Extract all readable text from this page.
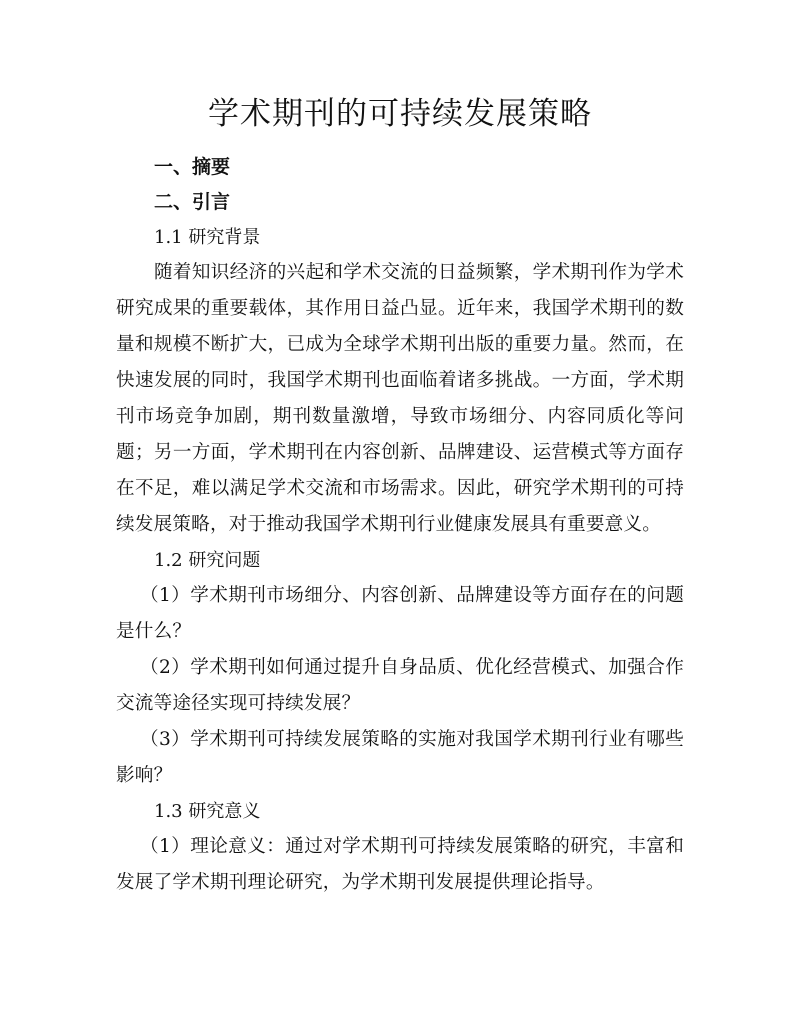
学术期刊的可持续发展策略

一、摘要

二、引言

1.1 研究背景

随着知识经济的兴起和学术交流的日益频繁，学术期刊作为学术研究成果的重要载体，其作用日益凸显。近年来，我国学术期刊的数量和规模不断扩大，已成为全球学术期刊出版的重要力量。然而，在快速发展的同时，我国学术期刊也面临着诸多挑战。一方面，学术期刊市场竞争加剧，期刊数量激增，导致市场细分、内容同质化等问题；另一方面，学术期刊在内容创新、品牌建设、运营模式等方面存在不足，难以满足学术交流和市场需求。因此，研究学术期刊的可持续发展策略，对于推动我国学术期刊行业健康发展具有重要意义。

1.2 研究问题

（1）学术期刊市场细分、内容创新、品牌建设等方面存在的问题是什么？

（2）学术期刊如何通过提升自身品质、优化经营模式、加强合作交流等途径实现可持续发展？

（3）学术期刊可持续发展策略的实施对我国学术期刊行业有哪些影响？

1.3 研究意义

（1）理论意义：通过对学术期刊可持续发展策略的研究，丰富和发展了学术期刊理论研究，为学术期刊发展提供理论指导。
